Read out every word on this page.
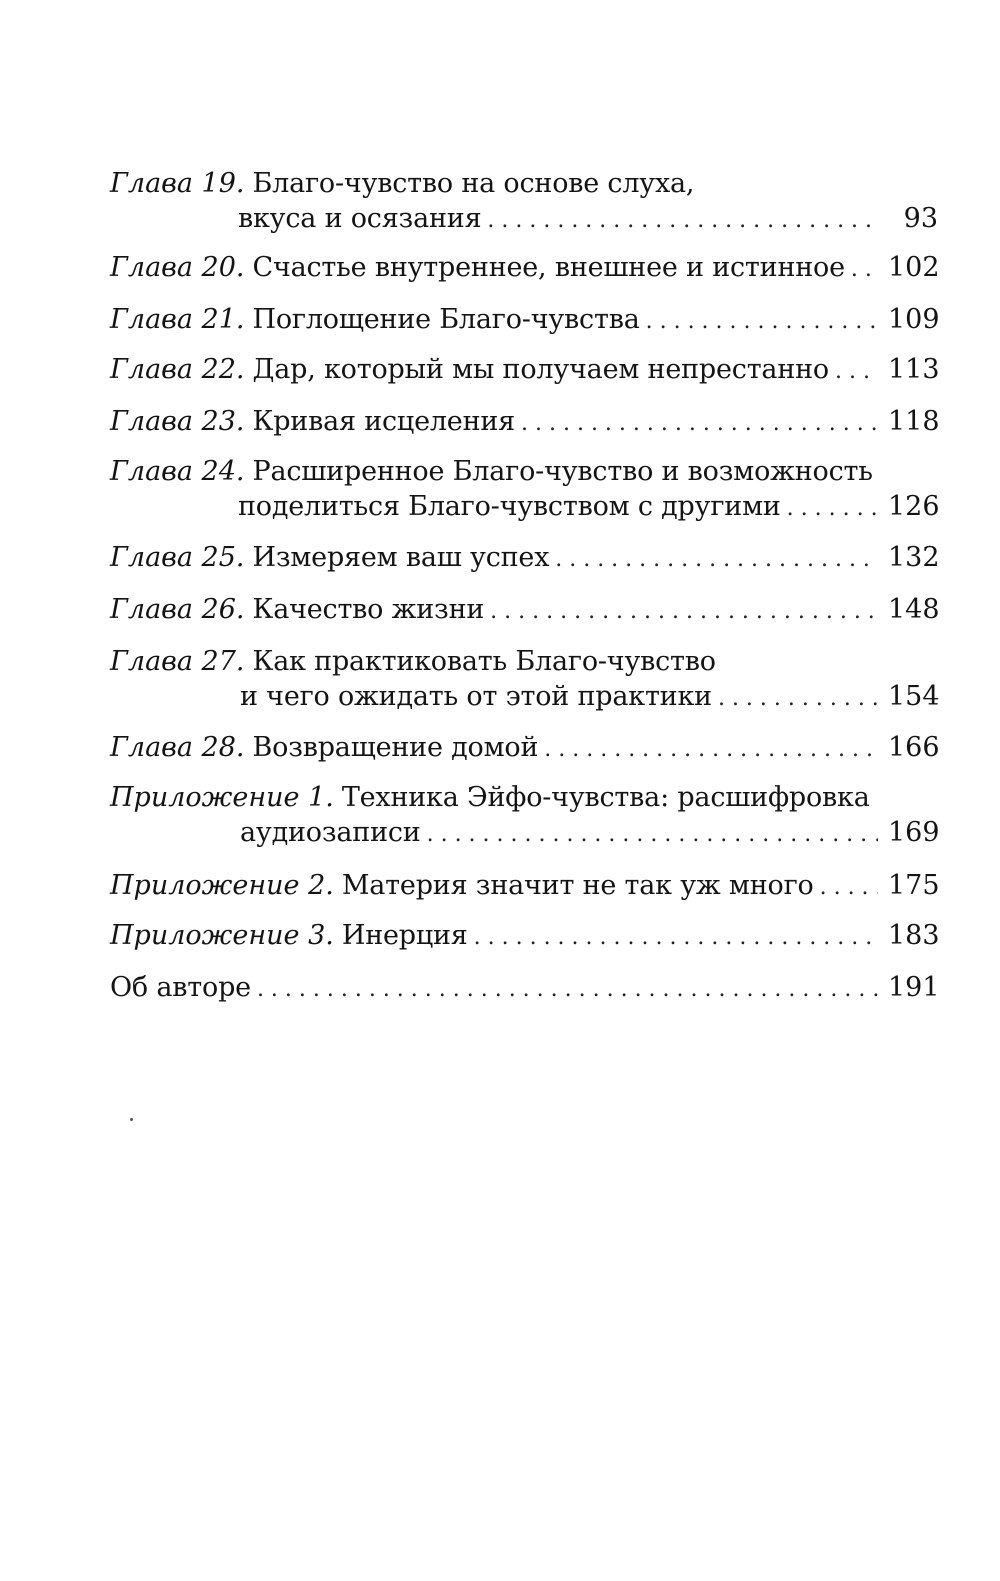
Глава 19. Благо-чувство на основе слуха,
вкуса и осязания . . .	93
Глава 20. Счастье внутреннее, внешнее и истинное . . . 102
Глава 21. Поглощение Благо-чувства . . .	109
Глава 22. Дар, который мы получаем непрестанно . . . 113
Глава 23. Кривая исцеления . . .	118
Глава 24. Расширенное Благо-чувство и возможность
поделиться Благо-чувством с другими . . .	126
Глава 25. Измеряем ваш успех . . .	132
Глава 26. Качество жизни . . .	148
Глава 27. Как практиковать Благо-чувство
и чего ожидать от этой практики . . .	154
Глава 28. Возвращение домой . . .	166
Приложение 1. Техника Эйфо-чувства: расшифровка
аудиозаписи . . .	169
Приложение 2. Материя значит не так уж много . . .	175
Приложение 3. Инерция . . .	183
Об авторе . . .	191
